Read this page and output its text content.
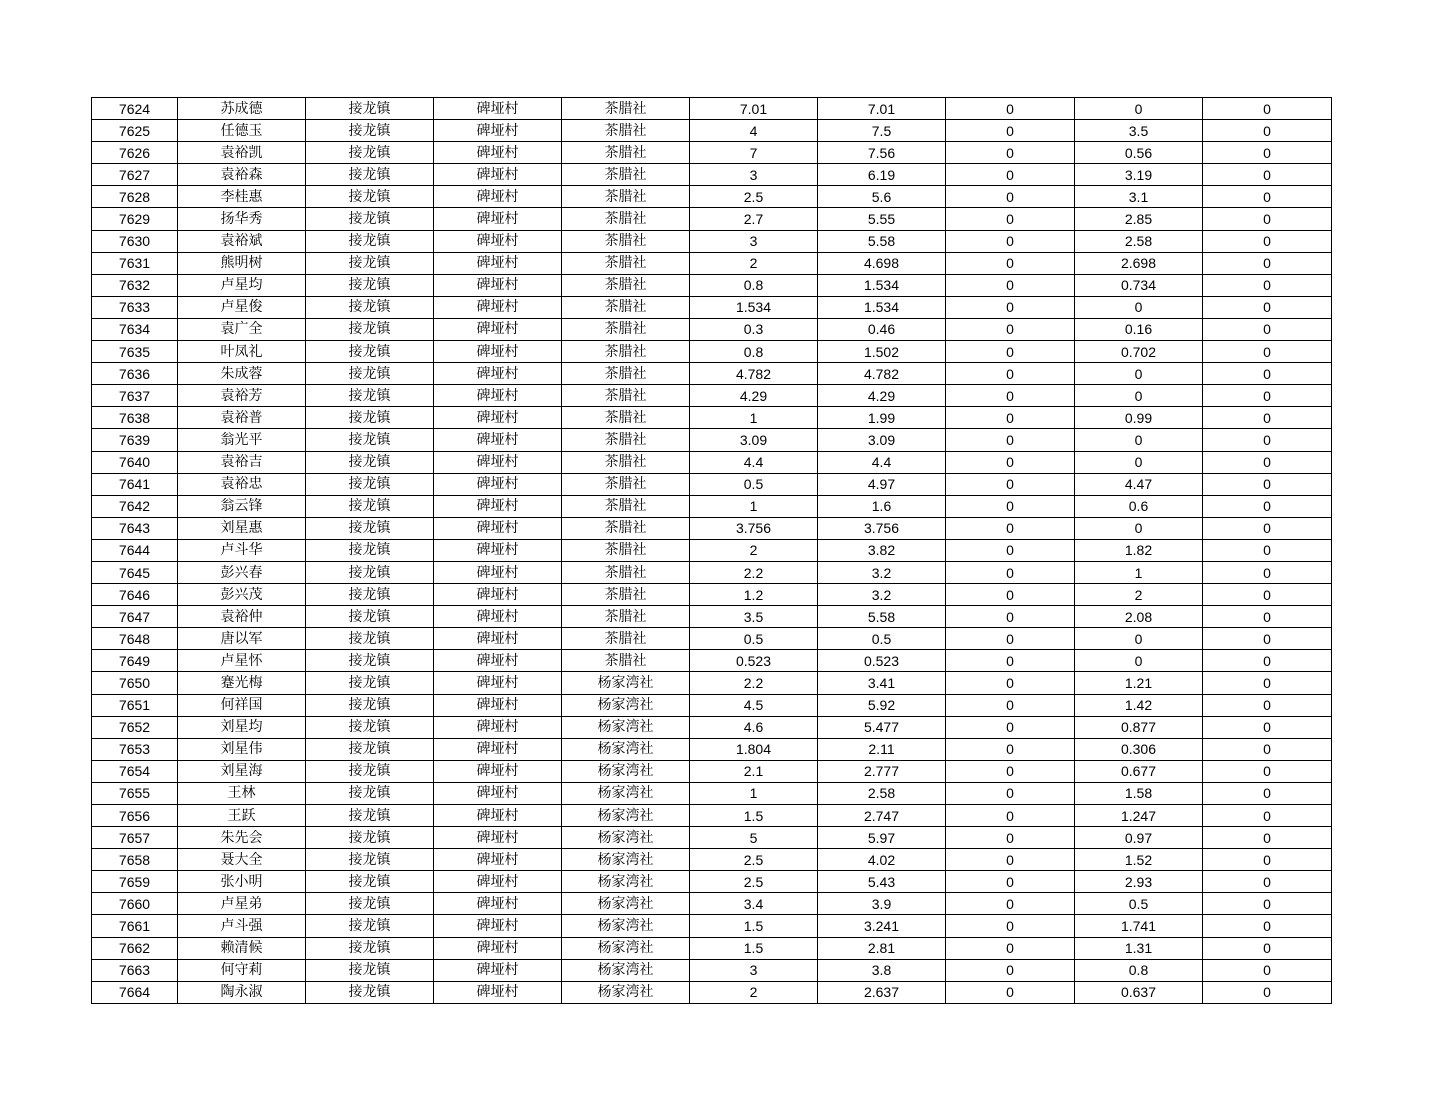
7624	苏成德	接龙镇	碑垭村	茶腊社	7.01	7.01	0	0	0
7625	任德玉	接龙镇	碑垭村	茶腊社	4	7.5	0	3.5	0
7626	袁裕凯	接龙镇	碑垭村	茶腊社	7	7.56	0	0.56	0
7627	袁裕森	接龙镇	碑垭村	茶腊社	3	6.19	0	3.19	0
7628	李桂惠	接龙镇	碑垭村	茶腊社	2.5	5.6	0	3.1	0
7629	扬华秀	接龙镇	碑垭村	茶腊社	2.7	5.55	0	2.85	0
7630	袁裕斌	接龙镇	碑垭村	茶腊社	3	5.58	0	2.58	0
7631	熊明树	接龙镇	碑垭村	茶腊社	2	4.698	0	2.698	0
7632	卢星均	接龙镇	碑垭村	茶腊社	0.8	1.534	0	0.734	0
7633	卢星俊	接龙镇	碑垭村	茶腊社	1.534	1.534	0	0	0
7634	袁广全	接龙镇	碑垭村	茶腊社	0.3	0.46	0	0.16	0
7635	叶凤礼	接龙镇	碑垭村	茶腊社	0.8	1.502	0	0.702	0
7636	朱成蓉	接龙镇	碑垭村	茶腊社	4.782	4.782	0	0	0
7637	袁裕芳	接龙镇	碑垭村	茶腊社	4.29	4.29	0	0	0
7638	袁裕普	接龙镇	碑垭村	茶腊社	1	1.99	0	0.99	0
7639	翁光平	接龙镇	碑垭村	茶腊社	3.09	3.09	0	0	0
7640	袁裕吉	接龙镇	碑垭村	茶腊社	4.4	4.4	0	0	0
7641	袁裕忠	接龙镇	碑垭村	茶腊社	0.5	4.97	0	4.47	0
7642	翁云锋	接龙镇	碑垭村	茶腊社	1	1.6	0	0.6	0
7643	刘星惠	接龙镇	碑垭村	茶腊社	3.756	3.756	0	0	0
7644	卢斗华	接龙镇	碑垭村	茶腊社	2	3.82	0	1.82	0
7645	彭兴春	接龙镇	碑垭村	茶腊社	2.2	3.2	0	1	0
7646	彭兴茂	接龙镇	碑垭村	茶腊社	1.2	3.2	0	2	0
7647	袁裕仲	接龙镇	碑垭村	茶腊社	3.5	5.58	0	2.08	0
7648	唐以军	接龙镇	碑垭村	茶腊社	0.5	0.5	0	0	0
7649	卢星怀	接龙镇	碑垭村	茶腊社	0.523	0.523	0	0	0
7650	蹇光梅	接龙镇	碑垭村	杨家湾社	2.2	3.41	0	1.21	0
7651	何祥国	接龙镇	碑垭村	杨家湾社	4.5	5.92	0	1.42	0
7652	刘星均	接龙镇	碑垭村	杨家湾社	4.6	5.477	0	0.877	0
7653	刘星伟	接龙镇	碑垭村	杨家湾社	1.804	2.11	0	0.306	0
7654	刘星海	接龙镇	碑垭村	杨家湾社	2.1	2.777	0	0.677	0
7655	王林	接龙镇	碑垭村	杨家湾社	1	2.58	0	1.58	0
7656	王跃	接龙镇	碑垭村	杨家湾社	1.5	2.747	0	1.247	0
7657	朱先会	接龙镇	碑垭村	杨家湾社	5	5.97	0	0.97	0
7658	聂大全	接龙镇	碑垭村	杨家湾社	2.5	4.02	0	1.52	0
7659	张小明	接龙镇	碑垭村	杨家湾社	2.5	5.43	0	2.93	0
7660	卢星弟	接龙镇	碑垭村	杨家湾社	3.4	3.9	0	0.5	0
7661	卢斗强	接龙镇	碑垭村	杨家湾社	1.5	3.241	0	1.741	0
7662	赖清候	接龙镇	碑垭村	杨家湾社	1.5	2.81	0	1.31	0
7663	何守莉	接龙镇	碑垭村	杨家湾社	3	3.8	0	0.8	0
7664	陶永淑	接龙镇	碑垭村	杨家湾社	2	2.637	0	0.637	0
